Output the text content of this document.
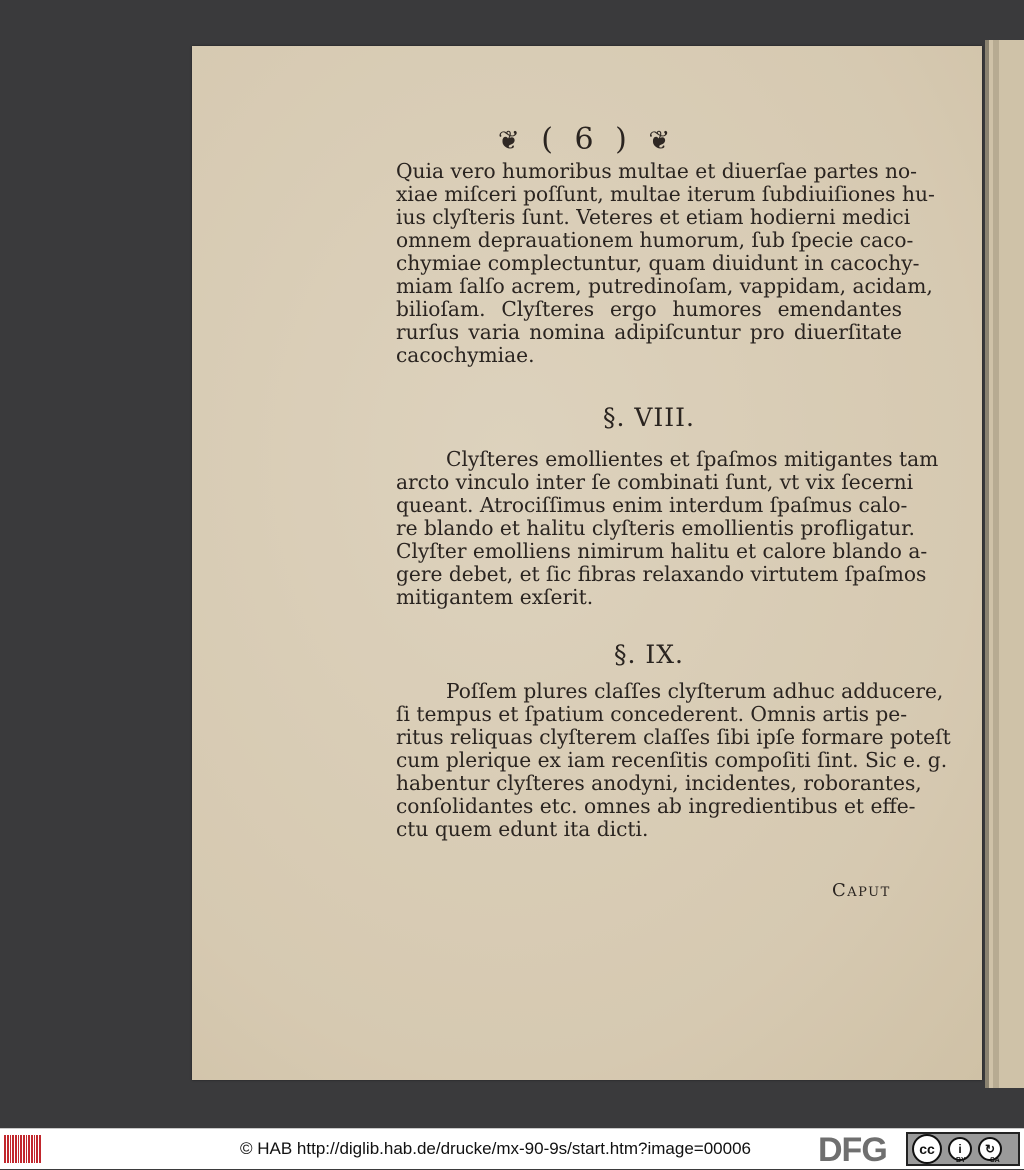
❦ ( 6 ) ❦
Quia vero humoribus multae et diuerſae partes no-
xiae miſceri poſſunt, multae iterum ſubdiuiſiones hu-
ius clyſteris ſunt. Veteres et etiam hodierni medici
omnem deprauationem humorum, ſub ſpecie caco-
chymiae complectuntur, quam diuidunt in cacochy-
miam ſalſo acrem, putredinoſam, vappidam, acidam,
bilioſam. Clyſteres ergo humores emendantes
rurſus varia nomina adipiſcuntur pro diuerſitate
cacochymiae.
§. VIII.
Clyſteres emollientes et ſpaſmos mitigantes tam
arcto vinculo inter ſe combinati ſunt, vt vix ſecerni
queant. Atrociſſimus enim interdum ſpaſmus calo-
re blando et halitu clyſteris emollientis profligatur.
Clyſter emolliens nimirum halitu et calore blando a-
gere debet, et ſic fibras relaxando virtutem ſpaſmos
mitigantem exſerit.
§. IX.
Poſſem plures claſſes clyſterum adhuc adducere,
ſi tempus et ſpatium concederent. Omnis artis pe-
ritus reliquas clyſterem claſſes ſibi ipſe formare poteſt
cum plerique ex iam recenſitis compoſiti ſint. Sic e. g.
habentur clyſteres anodyni, incidentes, roborantes,
conſolidantes etc. omnes ab ingredientibus et effe-
ctu quem edunt ita dicti.
Caput
© HAB http://diglib.hab.de/drucke/mx-90-9s/start.htm?image=00006 DFG	cc	i	↻
BY	SA
